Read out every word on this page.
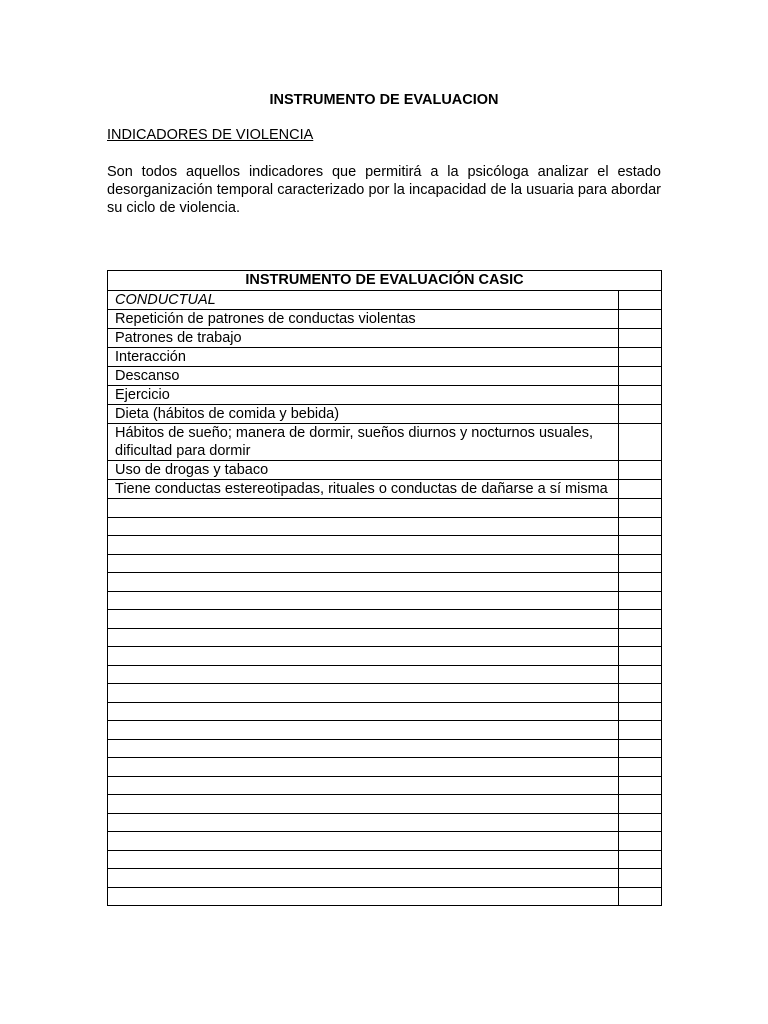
INSTRUMENTO DE EVALUACION
INDICADORES DE VIOLENCIA

Son todos aquellos indicadores que permitirá a la psicóloga analizar el estado desorganización temporal caracterizado por la incapacidad de la usuaria para abordar su ciclo de violencia.

INSTRUMENTO DE EVALUACIÓN CASIC	
CONDUCTUAL	
Repetición de patrones de conductas violentas	
Patrones de trabajo	
Interacción	
Descanso	
Ejercicio	
Dieta (hábitos de comida y bebida)	
Hábitos de sueño; manera de dormir, sueños diurnos y nocturnos usuales, dificultad para dormir	
Uso de drogas y tabaco	
Tiene conductas estereotipadas, rituales o conductas de dañarse a sí misma	
